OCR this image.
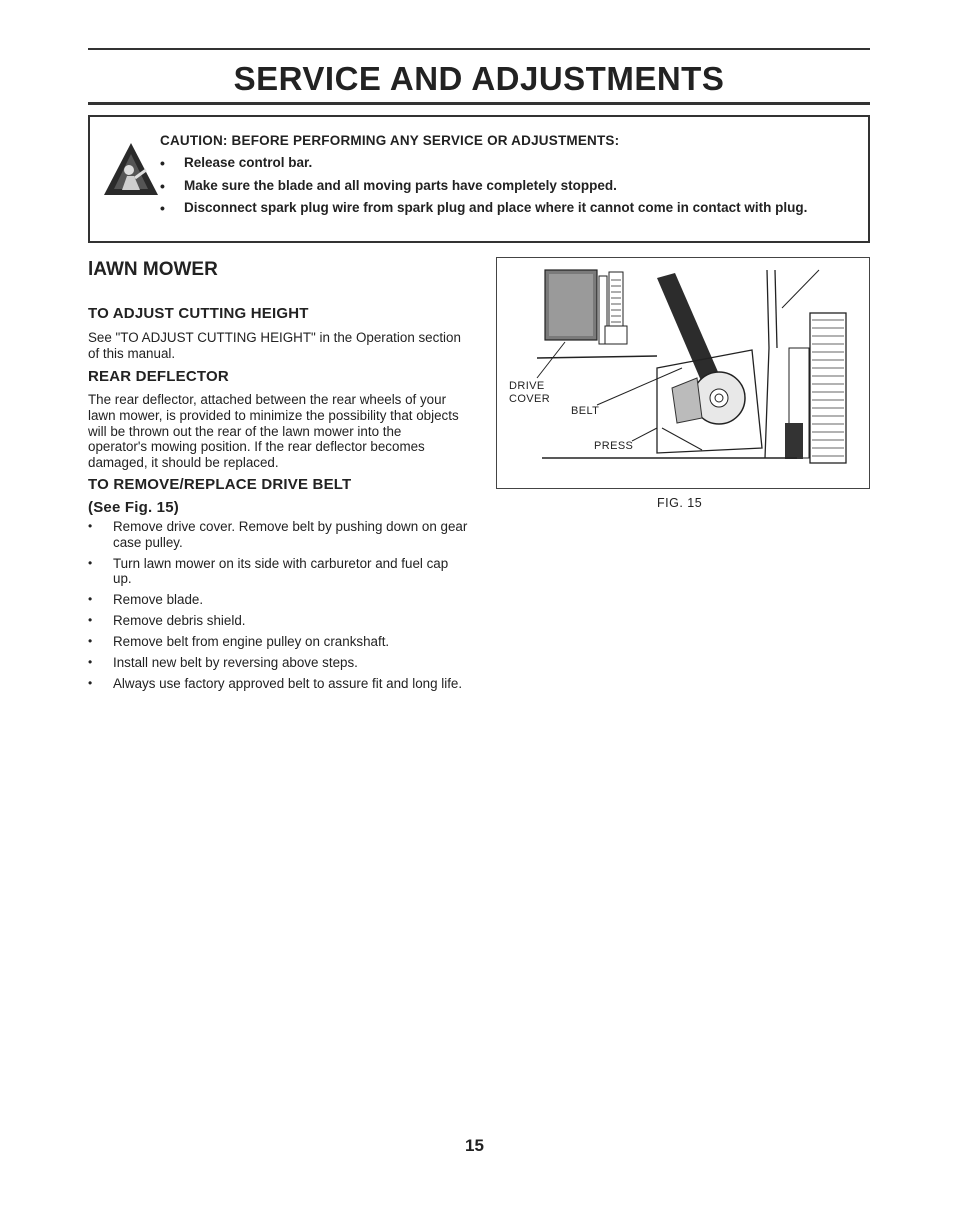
SERVICE AND ADJUSTMENTS
CAUTION: BEFORE PERFORMING ANY SERVICE OR ADJUSTMENTS:
• Release control bar.
• Make sure the blade and all moving parts have completely stopped.
• Disconnect spark plug wire from spark plug and place where it cannot come in contact with plug.
lAWN MOWER
TO ADJUST CUTTING HEIGHT
See "TO ADJUST CUTTING HEIGHT" in the Operation section of this manual.
REAR DEFLECTOR
The rear deflector, attached between the rear wheels of your lawn mower, is provided to minimize the possibility that objects will be thrown out the rear of the lawn mower into the operator's mowing position. If the rear deflector becomes damaged, it should be replaced.
TO REMOVE/REPLACE DRIVE BELT
(See Fig. 15)
• Remove drive cover. Remove belt by pushing down on gear case pulley.
• Turn lawn mower on its side with carburetor and fuel cap up.
• Remove blade.
• Remove debris shield.
• Remove belt from engine pulley on crankshaft.
• Install new belt by reversing above steps.
• Always use factory approved belt to assure fit and long life.
DRIVE
COVER
BELT
PRESS
FIG. 15
15
